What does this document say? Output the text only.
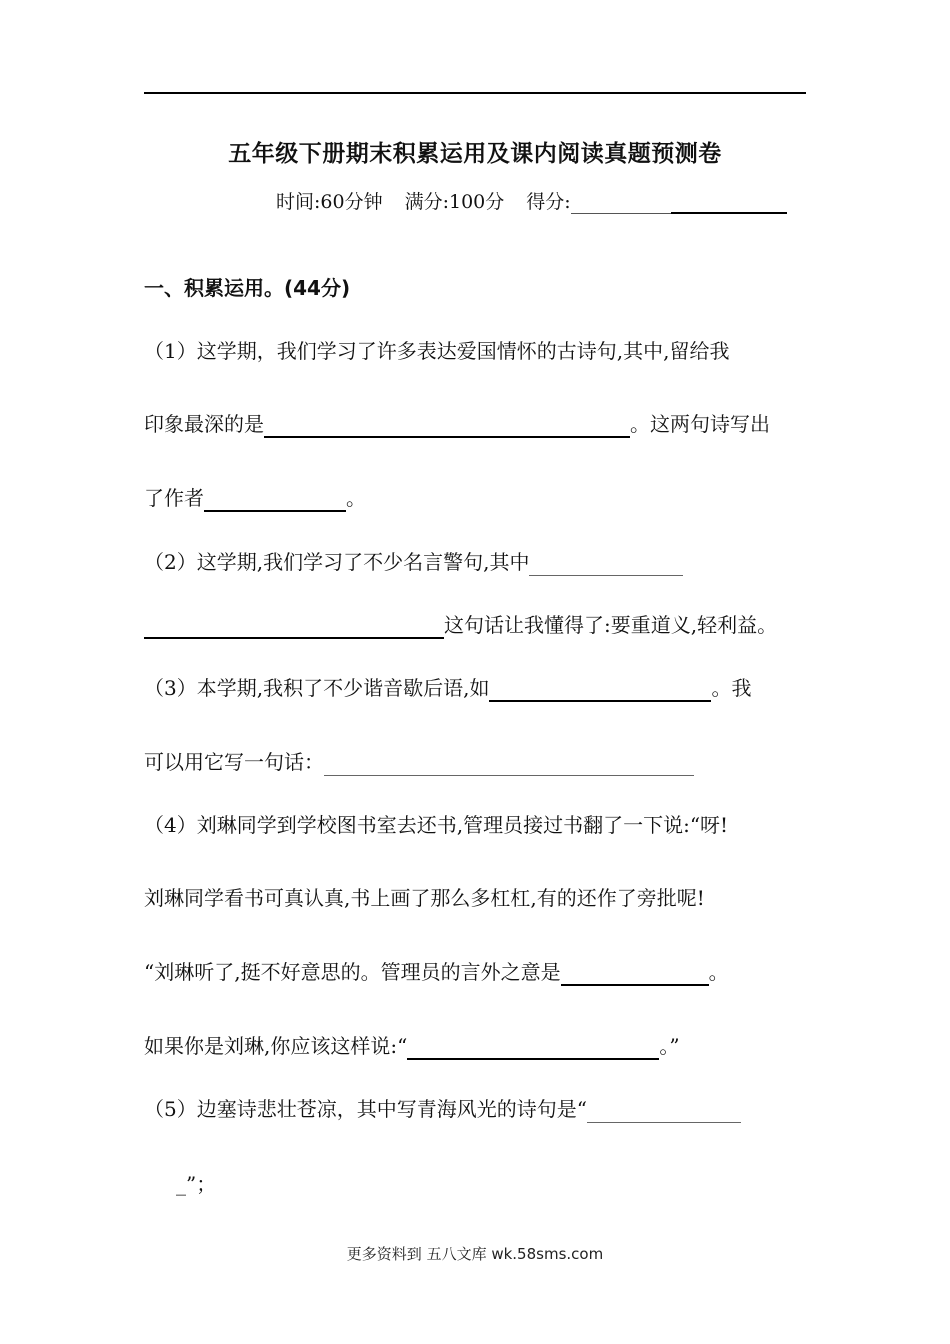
五年级下册期末积累运用及课内阅读真题预测卷
时间:60分钟 满分:100分 得分:
一、积累运用。(44分)
（1）这学期，我们学习了许多表达爱国情怀的古诗句,其中,留给我
印象最深的是	。这两句诗写出
了作者	。
（2）这学期,我们学习了不少名言警句,其中
这句话让我懂得了:要重道义,轻利益。
（3）本学期,我积了不少谐音歇后语,如	。我
可以用它写一句话：
（4）刘琳同学到学校图书室去还书,管理员接过书翻了一下说:“呀!
刘琳同学看书可真认真,书上画了那么多杠杠,有的还作了旁批呢!
“刘琳听了,挺不好意思的。管理员的言外之意是	。
如果你是刘琳,你应该这样说:“	。”
（5）边塞诗悲壮苍凉，其中写青海风光的诗句是“
_”；
更多资料到 五八文库 wk.58sms.com
